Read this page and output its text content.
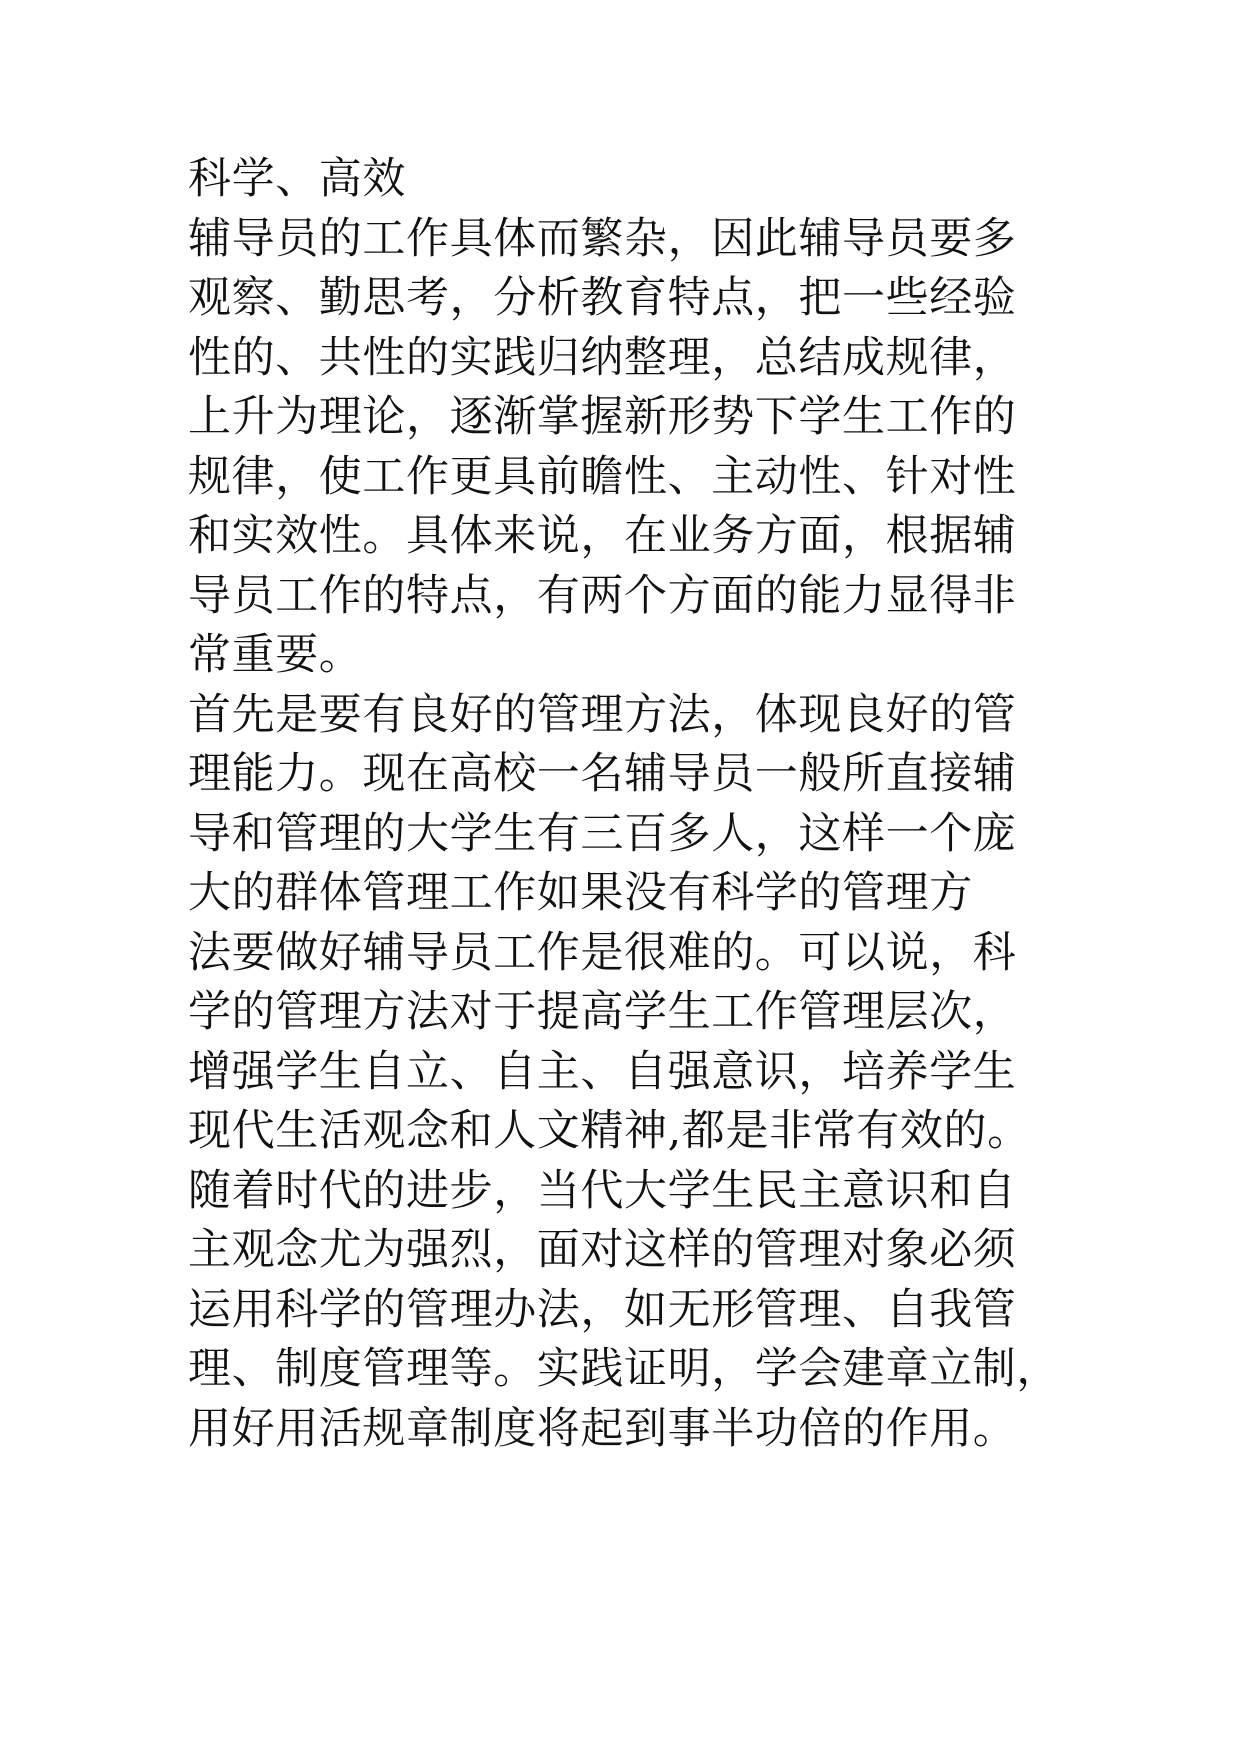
科学、高效
辅导员的工作具体而繁杂，因此辅导员要多
观察、勤思考，分析教育特点，把一些经验
性的、共性的实践归纳整理，总结成规律，
上升为理论，逐渐掌握新形势下学生工作的
规律，使工作更具前瞻性、主动性、针对性
和实效性。具体来说，在业务方面，根据辅
导员工作的特点，有两个方面的能力显得非
常重要。
首先是要有良好的管理方法，体现良好的管
理能力。现在高校一名辅导员一般所直接辅
导和管理的大学生有三百多人，这样一个庞
大的群体管理工作如果没有科学的管理方
法要做好辅导员工作是很难的。可以说，科
学的管理方法对于提高学生工作管理层次，
增强学生自立、自主、自强意识，培养学生
现代生活观念和人文精神,都是非常有效的。
随着时代的进步，当代大学生民主意识和自
主观念尤为强烈，面对这样的管理对象必须
运用科学的管理办法，如无形管理、自我管
理、制度管理等。实践证明，学会建章立制，
用好用活规章制度将起到事半功倍的作用。
